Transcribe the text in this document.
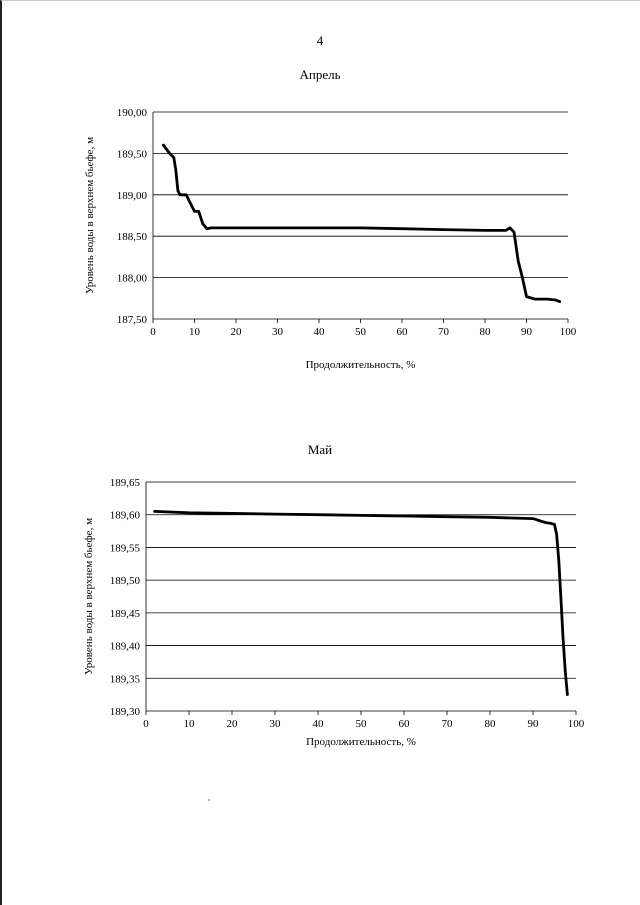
4
Апрель
187,50
188,00
188,50
189,00
189,50
190,00
0	10	20	30	40	50	60	70	80	90	100
Продолжительность, %
Уровень воды в верхнем бьефе, м
Май
189,30
189,35
189,40
189,45
189,50
189,55
189,60
189,65
0	10	20	30	40	50	60	70	80	90	100
Продолжительность, %
Уровень воды в верхнем бьефе, м
